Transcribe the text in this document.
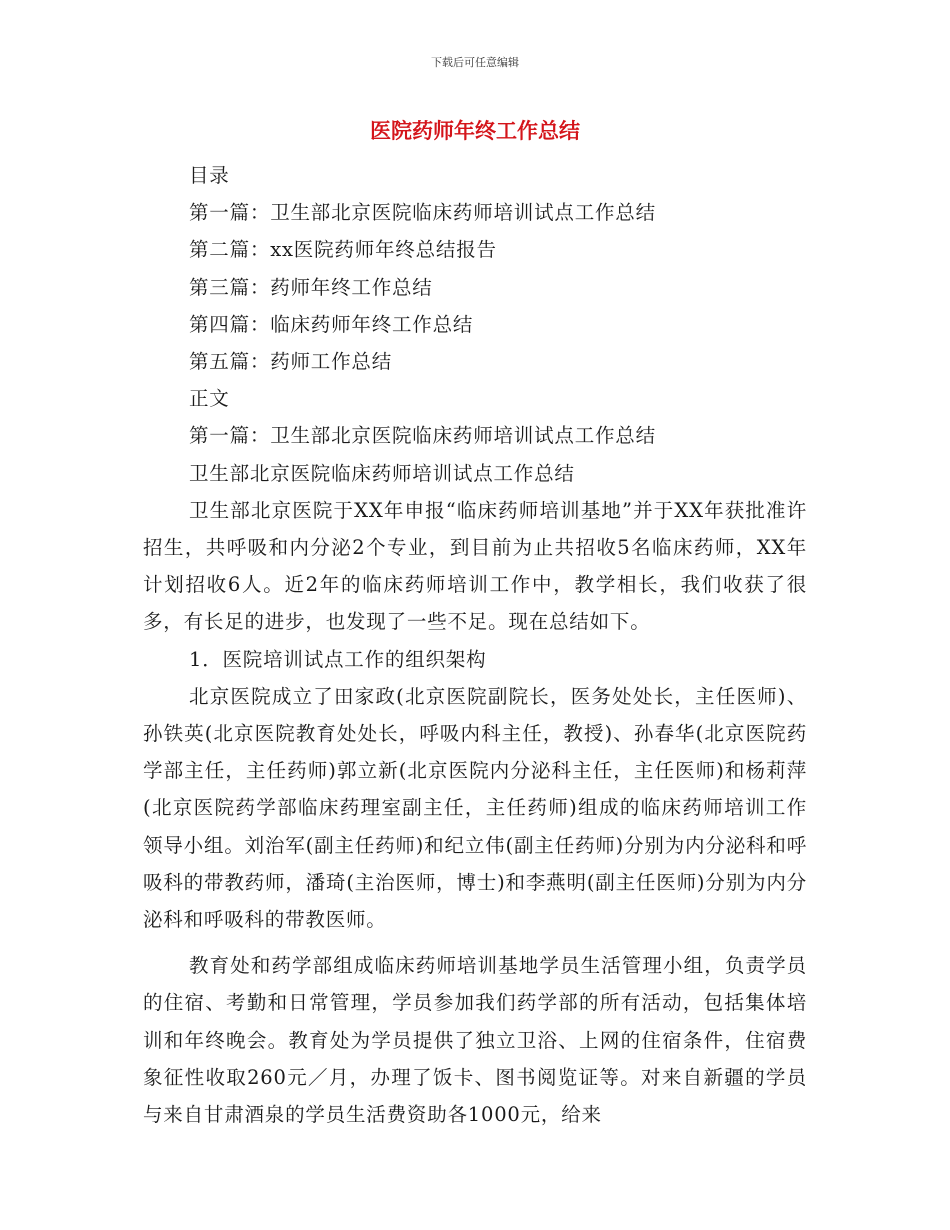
下载后可任意编辑
医院药师年终工作总结
目录
第一篇：卫生部北京医院临床药师培训试点工作总结
第二篇：xx医院药师年终总结报告
第三篇：药师年终工作总结
第四篇：临床药师年终工作总结
第五篇：药师工作总结
正文
第一篇：卫生部北京医院临床药师培训试点工作总结
卫生部北京医院临床药师培训试点工作总结

卫生部北京医院于XX年申报“临床药师培训基地”并于XX年获批准许招生，共呼吸和内分泌2个专业，到目前为止共招收5名临床药师，XX年计划招收6人。近2年的临床药师培训工作中，教学相长，我们收获了很多，有长足的进步，也发现了一些不足。现在总结如下。

1．医院培训试点工作的组织架构

北京医院成立了田家政(北京医院副院长，医务处处长，主任医师)、孙铁英(北京医院教育处处长，呼吸内科主任，教授)、孙春华(北京医院药学部主任，主任药师)郭立新(北京医院内分泌科主任，主任医师)和杨莉萍(北京医院药学部临床药理室副主任，主任药师)组成的临床药师培训工作领导小组。刘治军(副主任药师)和纪立伟(副主任药师)分别为内分泌科和呼吸科的带教药师，潘琦(主治医师，博士)和李燕明(副主任医师)分别为内分泌科和呼吸科的带教医师。

教育处和药学部组成临床药师培训基地学员生活管理小组，负责学员的住宿、考勤和日常管理，学员参加我们药学部的所有活动，包括集体培训和年终晚会。教育处为学员提供了独立卫浴、上网的住宿条件，住宿费象征性收取260元／月，办理了饭卡、图书阅览证等。对来自新疆的学员与来自甘肃酒泉的学员生活费资助各1000元，给来
